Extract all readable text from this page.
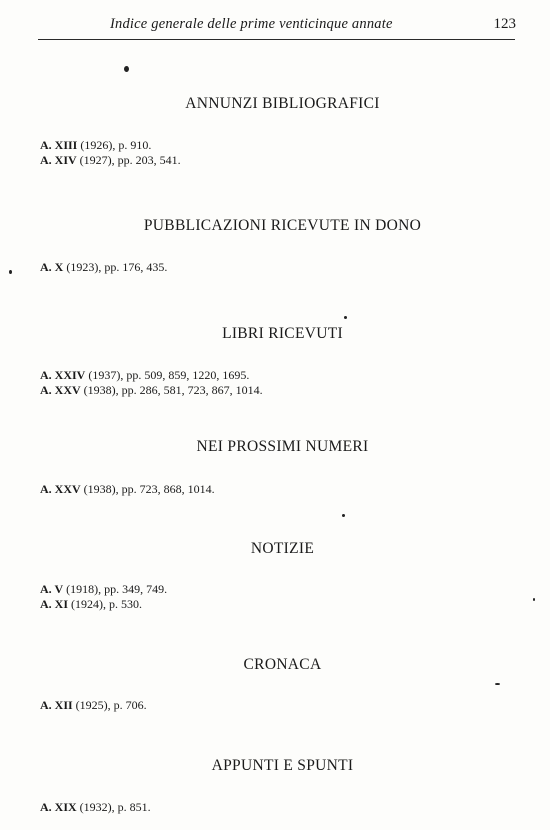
Indice generale delle prime venticinque annate	123
ANNUNZI BIBLIOGRAFICI
A. XIII (1926), p. 910.
A. XIV (1927), pp. 203, 541.
PUBBLICAZIONI RICEVUTE IN DONO
A. X (1923), pp. 176, 435.
LIBRI RICEVUTI
A. XXIV (1937), pp. 509, 859, 1220, 1695.
A. XXV (1938), pp. 286, 581, 723, 867, 1014.
NEI PROSSIMI NUMERI
A. XXV (1938), pp. 723, 868, 1014.
NOTIZIE
A. V (1918), pp. 349, 749.
A. XI (1924), p. 530.
CRONACA
A. XII (1925), p. 706.
APPUNTI E SPUNTI
A. XIX (1932), p. 851.
